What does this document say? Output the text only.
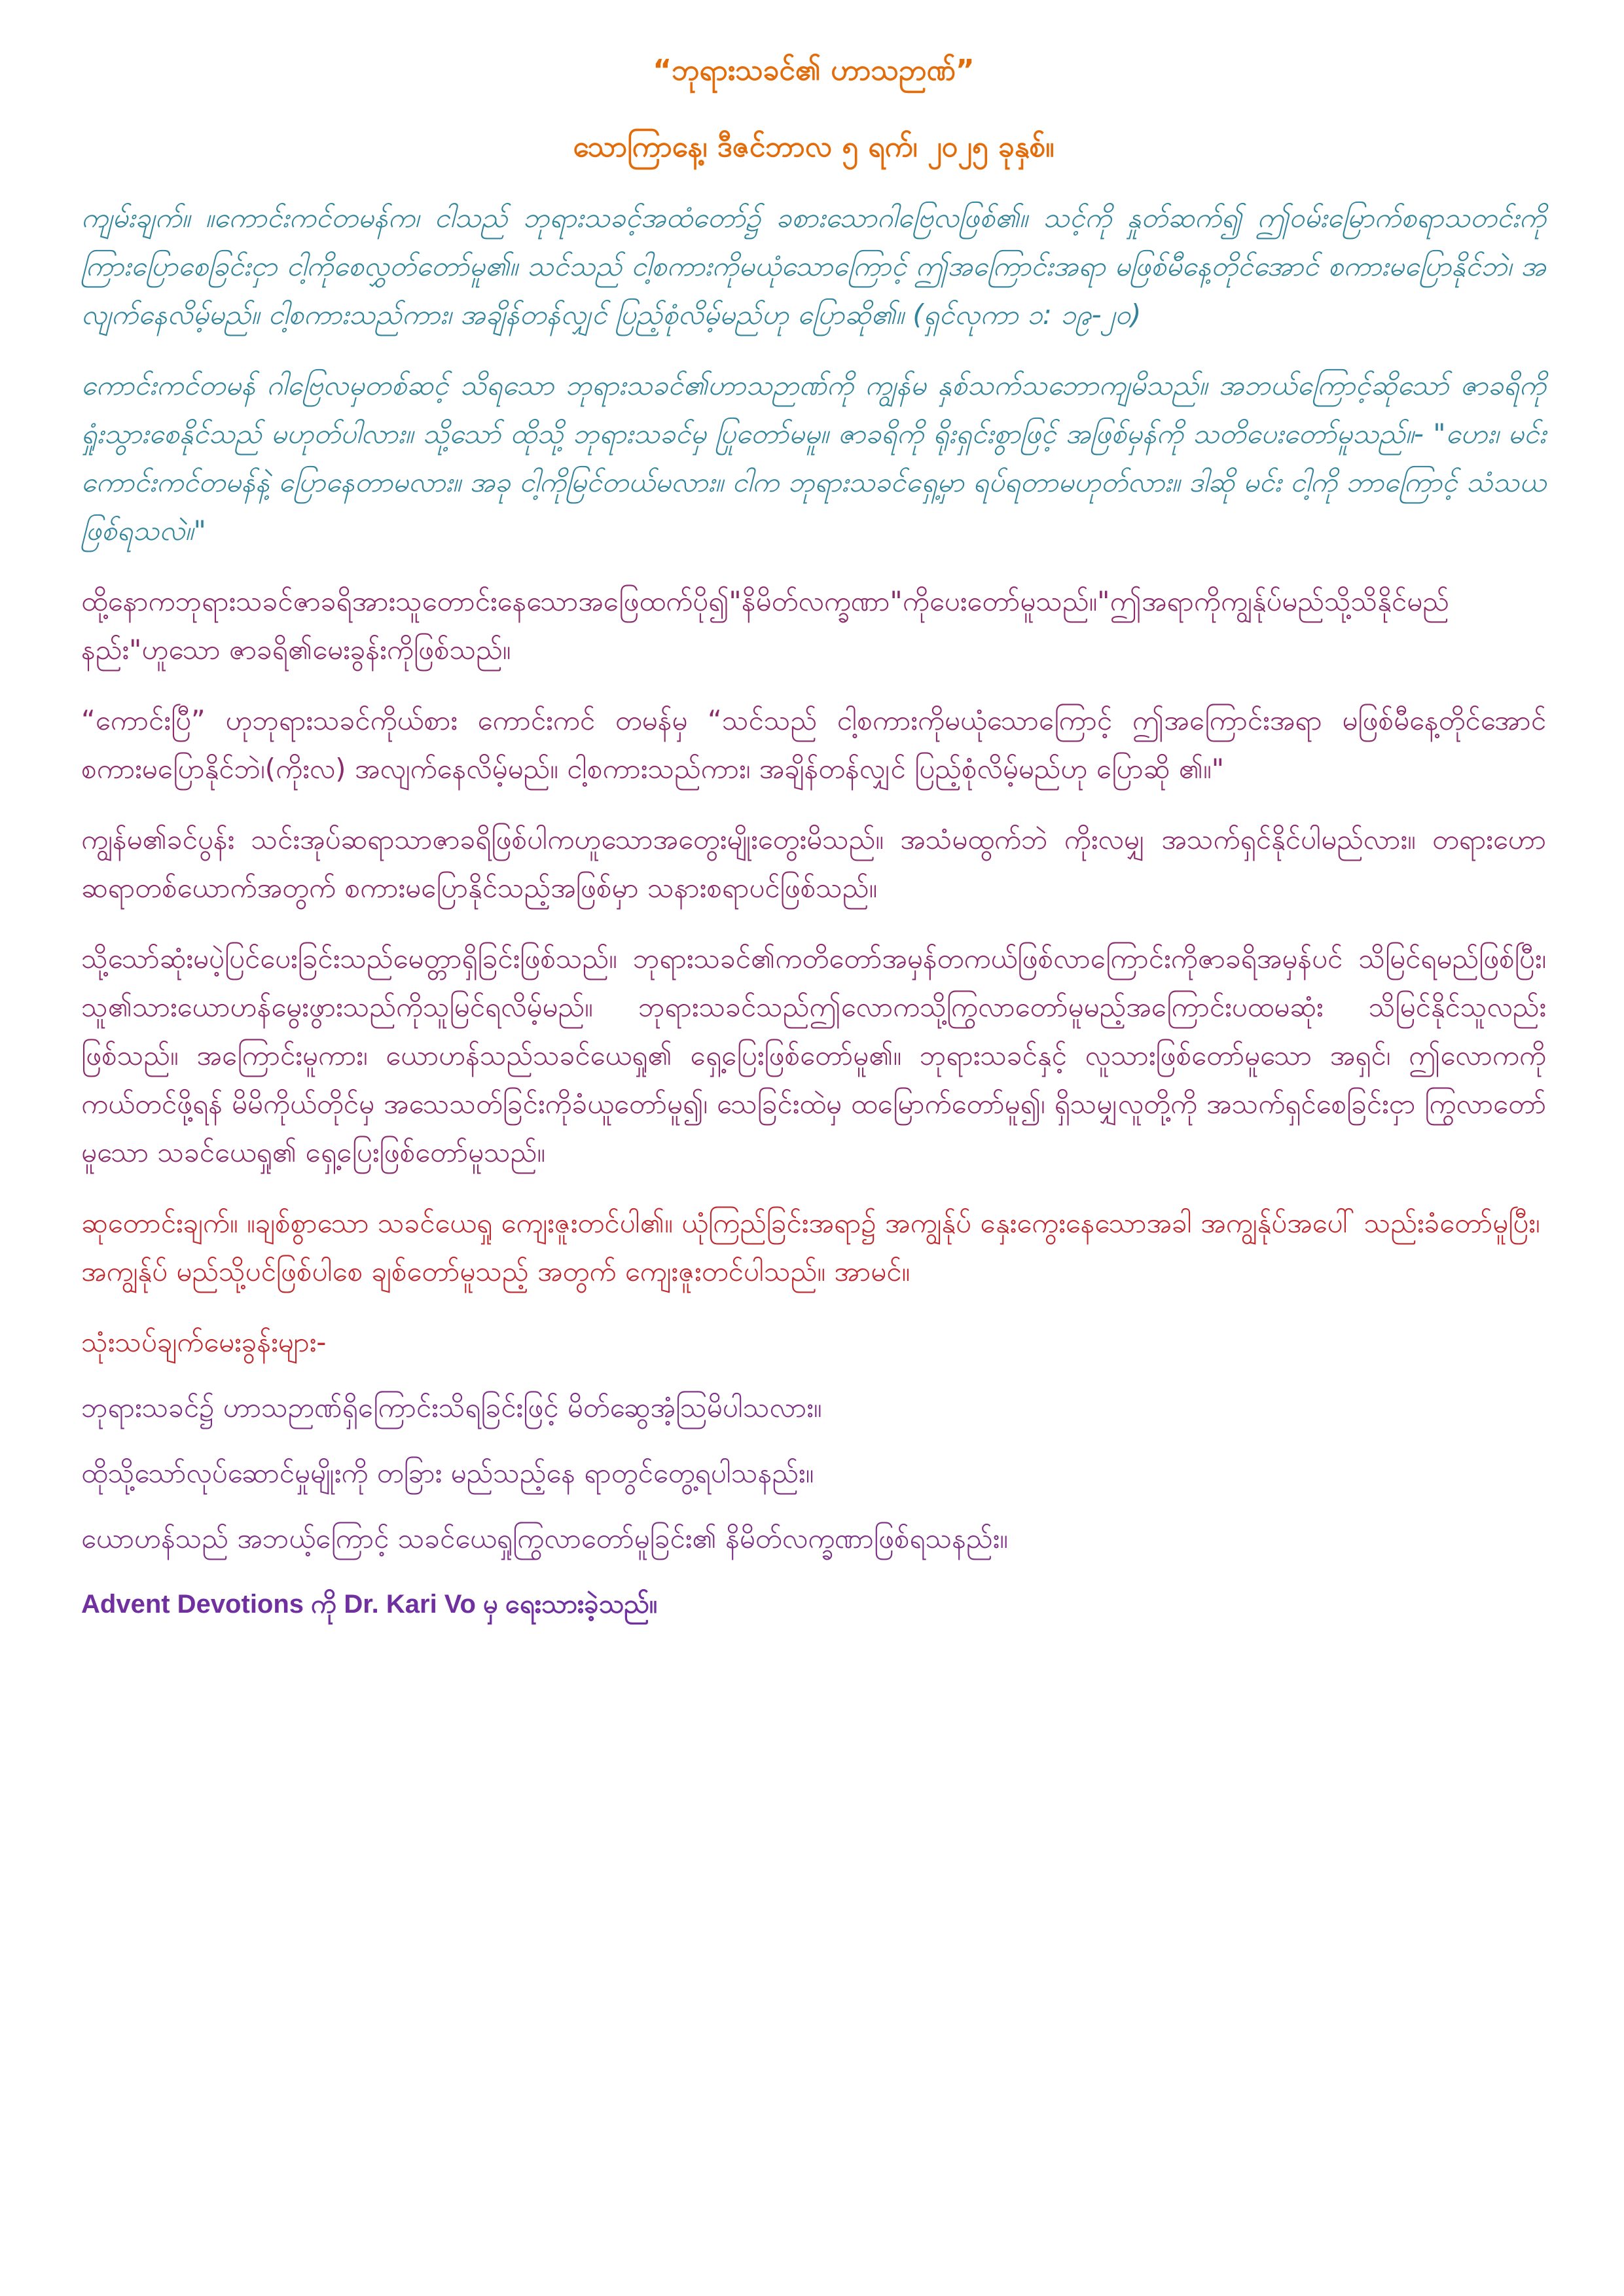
“ဘုရားသခင်၏ ဟာသဉာဏ်”
သောကြာနေ့၊ ဒီဇင်ဘာလ ၅ ရက်၊ ၂၀၂၅ ခုနှစ်။

ကျမ်းချက်။ ။ကောင်းကင်တမန်က၊ ငါသည် ဘုရားသခင့်အထံတော်၌ ခစားသောဂါဗြေလဖြစ်၏။ သင့်ကို နှုတ်ဆက်၍ ဤဝမ်းမြောက်စရာသတင်းကို ကြားပြောစေခြင်းငှာ ငါ့ကိုစေလွှတ်တော်မူ၏။ သင်သည် ငါ့စကားကိုမယုံသောကြောင့် ဤအကြောင်းအရာ မဖြစ်မီနေ့တိုင်အောင် စကားမပြောနိုင်ဘဲ၊ အလျက်နေလိမ့်မည်။ ငါ့စကားသည်ကား၊ အချိန်တန်လျှင် ပြည့်စုံလိမ့်မည်ဟု ပြောဆို၏။ (ရှင်လုကာ ၁: ၁၉-၂၀)

ကောင်းကင်တမန် ဂါဗြေလမှတစ်ဆင့် သိရသော ဘုရားသခင်၏ဟာသဉာဏ်ကို ကျွန်မ နှစ်သက်သဘောကျမိသည်။ အဘယ်ကြောင့်ဆိုသော် ဇာခရိကို ရှုံးသွားစေနိုင်သည် မဟုတ်ပါလား။ သို့သော် ထိုသို့ ဘုရားသခင်မှ ပြုတော်မမူ။ ဇာခရိကို ရိုးရှင်းစွာဖြင့် အဖြစ်မှန်ကို သတိပေးတော်မူသည်။- "ဟေး၊ မင်း ကောင်းကင်တမန်နဲ့ ပြောနေတာမလား။ အခု ငါ့ကိုမြင်တယ်မလား။ ငါက ဘုရားသခင်ရှေ့မှာ ရပ်ရတာမဟုတ်လား။ ဒါဆို မင်း ငါ့ကို ဘာကြောင့် သံသယဖြစ်ရသလဲ။"

ထို့နောကဘုရားသခင်ဇာခရိအားသူတောင်းနေသောအဖြေထက်ပို၍"နိမိတ်လက္ခဏာ"ကိုပေးတော်မူသည်။"ဤအရာကိုကျွန်ုပ်မည်သို့သိနိုင်မည်နည်း"ဟူသော ဇာခရိ၏မေးခွန်းကိုဖြစ်သည်။

“ကောင်းပြီ” ဟုဘုရားသခင်ကိုယ်စား ကောင်းကင် တမန်မှ “သင်သည် ငါ့စကားကိုမယုံသောကြောင့် ဤအကြောင်းအရာ မဖြစ်မီနေ့တိုင်အောင် စကားမပြောနိုင်ဘဲ၊(ကိုးလ) အလျက်နေလိမ့်မည်။ ငါ့စကားသည်ကား၊ အချိန်တန်လျှင် ပြည့်စုံလိမ့်မည်ဟု ပြောဆို ၏။"

ကျွန်မ၏ခင်ပွန်း သင်းအုပ်ဆရာသာဇာခရိဖြစ်ပါကဟူသောအတွေးမျိုးတွေးမိသည်။ အသံမထွက်ဘဲ ကိုးလမျှ အသက်ရှင်နိုင်ပါမည်လား။ တရားဟောဆရာတစ်ယောက်အတွက် စကားမပြောနိုင်သည့်အဖြစ်မှာ သနားစရာပင်ဖြစ်သည်။

သို့သော်ဆုံးမပဲ့ပြင်ပေးခြင်းသည်မေတ္တာရှိခြင်းဖြစ်သည်။ ဘုရားသခင်၏ကတိတော်အမှန်တကယ်ဖြစ်လာကြောင်းကိုဇာခရိအမှန်ပင် သိမြင်ရမည်ဖြစ်ပြီး၊ သူ၏သားယောဟန်မွေးဖွားသည်ကိုသူမြင်ရလိမ့်မည်။ ဘုရားသခင်သည်ဤလောကသို့ကြွလာတော်မူမည့်အကြောင်းပထမဆုံး သိမြင်နိုင်သူလည်းဖြစ်သည်။ အကြောင်းမူကား၊ ယောဟန်သည်သခင်ယေရှု၏ ရှေ့ပြေးဖြစ်တော်မူ၏။ ဘုရားသခင်နှင့် လူသားဖြစ်တော်မူသော အရှင်၊ ဤလောကကို ကယ်တင်ဖို့ရန် မိမိကိုယ်တိုင်မှ အသေသတ်ခြင်းကိုခံယူတော်မူ၍၊ သေခြင်းထဲမှ ထမြောက်တော်မူ၍၊ ရှိသမျှလူတို့ကို အသက်ရှင်စေခြင်းငှာ ကြွလာတော်မူသော သခင်ယေရှု၏ ရှေ့ပြေးဖြစ်တော်မူသည်။

ဆုတောင်းချက်။ ။ချစ်စွာသော သခင်ယေရှု ကျေးဇူးတင်ပါ၏။ ယုံကြည်ခြင်းအရာ၌ အကျွန်ုပ် နှေးကွေးနေသောအခါ အကျွန်ုပ်အပေါ် သည်းခံတော်မူပြီး၊ အကျွန်ုပ် မည်သို့ပင်ဖြစ်ပါစေ ချစ်တော်မူသည့် အတွက် ကျေးဇူးတင်ပါသည်။ အာမင်။

သုံးသပ်ချက်မေးခွန်းများ-

ဘုရားသခင်၌ ဟာသဉာဏ်ရှိကြောင်းသိရခြင်းဖြင့် မိတ်ဆွေအံ့သြမိပါသလား။

ထိုသို့သော်လုပ်ဆောင်မှုမျိုးကို တခြား မည်သည့်နေ ရာတွင်တွေ့ရပါသနည်း။

ယောဟန်သည် အဘယ့်ကြောင့် သခင်ယေရှုကြွလာတော်မူခြင်း၏ နိမိတ်လက္ခဏာဖြစ်ရသနည်း။

Advent Devotions ကို Dr. Kari Vo မှ ရေးသားခဲ့သည်။
